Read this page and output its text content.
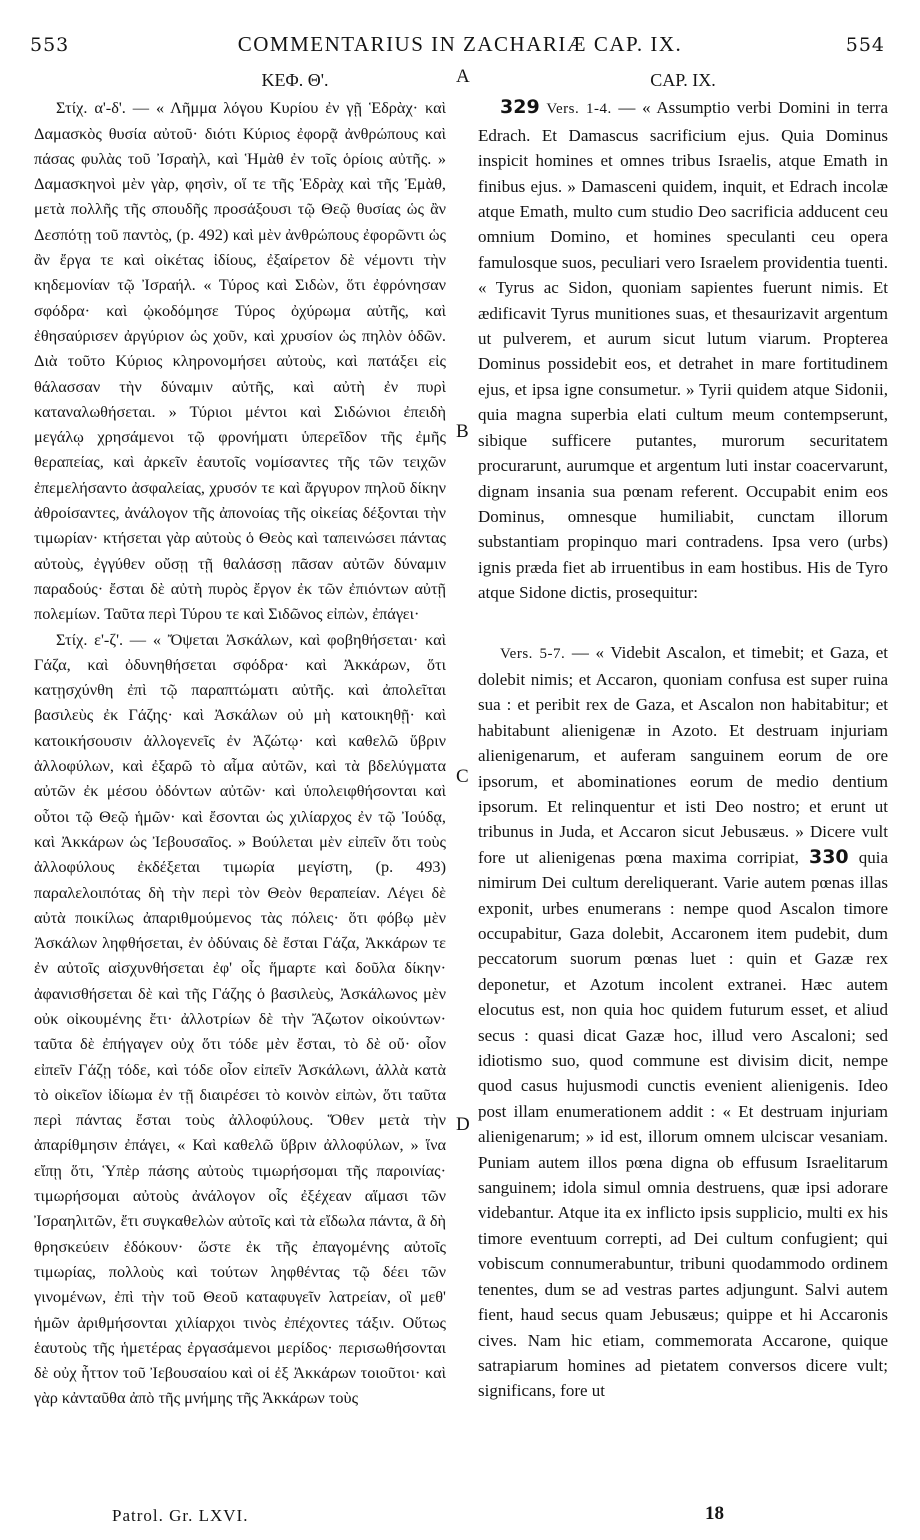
553	COMMENTARIUS IN ZACHARIÆ CAP. IX.	554

ΚΕΦ. Θ'.

Στίχ. α'-δ'. — « Λῆμμα λόγου Κυρίου ἐν γῇ Ἑδρὰχ· καὶ Δαμασκὸς θυσία αὐτοῦ· διότι Κύριος ἐφορᾷ ἀνθρώπους καὶ πάσας φυλὰς τοῦ Ἰσραὴλ, καὶ Ἡμὰθ ἐν τοῖς ὁρίοις αὐτῆς. » Δαμασκηνοὶ μὲν γὰρ, φησὶν, οἵ τε τῆς Ἑδρὰχ καὶ τῆς Ἐμὰθ, μετὰ πολλῆς τῆς σπουδῆς προσάξουσι τῷ Θεῷ θυσίας ὡς ἂν Δεσπότῃ τοῦ παντὸς, (p. 492) καὶ μὲν ἀνθρώπους ἐφορῶντι ὡς ἂν ἔργα τε καὶ οἰκέτας ἰδίους, ἐξαίρετον δὲ νέμοντι τὴν κηδεμονίαν τῷ Ἰσραήλ. « Τύρος καὶ Σιδὼν, ὅτι ἐφρόνησαν σφόδρα· καὶ ᾠκοδόμησε Τύρος ὀχύρωμα αὐτῆς, καὶ ἐθησαύρισεν ἀργύριον ὡς χοῦν, καὶ χρυσίον ὡς πηλὸν ὁδῶν. Διὰ τοῦτο Κύριος κληρονομήσει αὐτοὺς, καὶ πατάξει εἰς θάλασσαν τὴν δύναμιν αὐτῆς, καὶ αὐτὴ ἐν πυρὶ καταναλωθήσεται. » Τύριοι μέντοι καὶ Σιδώνιοι ἐπειδὴ μεγάλῳ χρησάμενοι τῷ φρονήματι ὑπερεῖδον τῆς ἐμῆς θεραπείας, καὶ ἀρκεῖν ἑαυτοῖς νομίσαντες τῆς τῶν τειχῶν ἐπεμελήσαντο ἀσφαλείας, χρυσόν τε καὶ ἄργυρον πηλοῦ δίκην ἀθροίσαντες, ἀνάλογον τῆς ἀπονοίας τῆς οἰκείας δέξονται τὴν τιμωρίαν· κτήσεται γὰρ αὐτοὺς ὁ Θεὸς καὶ ταπεινώσει πάντας αὐτοὺς, ἐγγύθεν οὔσῃ τῇ θαλάσσῃ πᾶσαν αὐτῶν δύναμιν παραδούς· ἔσται δὲ αὐτὴ πυρὸς ἔργον ἐκ τῶν ἐπιόντων αὐτῇ πολεμίων. Ταῦτα περὶ Τύρου τε καὶ Σιδῶνος εἰπὼν, ἐπάγει·

Στίχ. ε'-ζ'. — « Ὄψεται Ἀσκάλων, καὶ φοβηθήσεται· καὶ Γάζα, καὶ ὀδυνηθήσεται σφόδρα· καὶ Ἀκκάρων, ὅτι κατῃσχύνθη ἐπὶ τῷ παραπτώματι αὐτῆς. καὶ ἀπολεῖται βασιλεὺς ἐκ Γάζης· καὶ Ἀσκάλων οὐ μὴ κατοικηθῇ· καὶ κατοικήσουσιν ἀλλογενεῖς ἐν Ἀζώτῳ· καὶ καθελῶ ὕβριν ἀλλοφύλων, καὶ ἐξαρῶ τὸ αἷμα αὐτῶν, καὶ τὰ βδελύγματα αὐτῶν ἐκ μέσου ὀδόντων αὐτῶν· καὶ ὑπολειφθήσονται καὶ οὗτοι τῷ Θεῷ ἡμῶν· καὶ ἔσονται ὡς χιλίαρχος ἐν τῷ Ἰούδᾳ, καὶ Ἀκκάρων ὡς Ἰεβουσαῖος. » Βούλεται μὲν εἰπεῖν ὅτι τοὺς ἀλλοφύλους ἐκδέξεται τιμωρία μεγίστη, (p. 493) παραλελοιπότας δὴ τὴν περὶ τὸν Θεὸν θεραπείαν. Λέγει δὲ αὐτὰ ποικίλως ἀπαριθμούμενος τὰς πόλεις· ὅτι φόβῳ μὲν Ἀσκάλων ληφθήσεται, ἐν ὀδύναις δὲ ἔσται Γάζα, Ἀκκάρων τε ἐν αὐτοῖς αἰσχυνθήσεται ἐφ' οἷς ἥμαρτε καὶ δοῦλα δίκην· ἀφανισθήσεται δὲ καὶ τῆς Γάζης ὁ βασιλεὺς, Ἀσκάλωνος μὲν οὐκ οἰκουμένης ἔτι· ἀλλοτρίων δὲ τὴν Ἄζωτον οἰκούντων· ταῦτα δὲ ἐπήγαγεν οὐχ ὅτι τόδε μὲν ἔσται, τὸ δὲ οὔ· οἷον εἰπεῖν Γάζῃ τόδε, καὶ τόδε οἷον εἰπεῖν Ἀσκάλωνι, ἀλλὰ κατὰ τὸ οἰκεῖον ἰδίωμα ἐν τῇ διαιρέσει τὸ κοινὸν εἰπὼν, ὅτι ταῦτα περὶ πάντας ἔσται τοὺς ἀλλοφύλους. Ὅθεν μετὰ τὴν ἀπαρίθμησιν ἐπάγει, « Καὶ καθελῶ ὕβριν ἀλλοφύλων, » ἵνα εἴπῃ ὅτι, Ὑπὲρ πάσης αὐτοὺς τιμωρήσομαι τῆς παροινίας· τιμωρήσομαι αὐτοὺς ἀνάλογον οἷς ἐξέχεαν αἵμασι τῶν Ἰσραηλιτῶν, ἔτι συγκαθελὼν αὐτοῖς καὶ τὰ εἴδωλα πάντα, ἃ δὴ θρησκεύειν ἐδόκουν· ὥστε ἐκ τῆς ἐπαγομένης αὐτοῖς τιμωρίας, πολλοὺς καὶ τούτων ληφθέντας τῷ δέει τῶν γινομένων, ἐπὶ τὴν τοῦ Θεοῦ καταφυγεῖν λατρείαν, οἳ μεθ' ἡμῶν ἀριθμήσονται χιλίαρχοι τινὸς ἐπέχοντες τάξιν. Οὕτως ἑαυτοὺς τῆς ἡμετέρας ἐργασάμενοι μερίδος· περισωθήσονται δὲ οὐχ ἧττον τοῦ Ἰεβουσαίου καὶ οἱ ἐξ Ἀκκάρων τοιοῦτοι· καὶ γὰρ κἀνταῦθα ἀπὸ τῆς μνήμης τῆς Ἀκκάρων τοὺς

CAP. IX.

329 Vers. 1-4. — « Assumptio verbi Domini in terra Edrach. Et Damascus sacrificium ejus. Quia Dominus inspicit homines et omnes tribus Israelis, atque Emath in finibus ejus. » Damasceni quidem, inquit, et Edrach incolæ atque Emath, multo cum studio Deo sacrificia adducent ceu omnium Domino, et homines speculanti ceu opera famulosque suos, peculiari vero Israelem providentia tuenti. « Tyrus ac Sidon, quoniam sapientes fuerunt nimis. Et ædificavit Tyrus munitiones suas, et thesaurizavit argentum ut pulverem, et aurum sicut lutum viarum. Propterea Dominus possidebit eos, et detrahet in mare fortitudinem ejus, et ipsa igne consumetur. » Tyrii quidem atque Sidonii, quia magna superbia elati cultum meum contempserunt, sibique sufficere putantes, murorum securitatem procurarunt, aurumque et argentum luti instar coacervarunt, dignam insania sua pœnam referent. Occupabit enim eos Dominus, omnesque humiliabit, cunctam illorum substantiam propinquo mari contradens. Ipsa vero (urbs) ignis præda fiet ab irruentibus in eam hostibus. His de Tyro atque Sidone dictis, prosequitur:

Vers. 5-7. — « Videbit Ascalon, et timebit; et Gaza, et dolebit nimis; et Accaron, quoniam confusa est super ruina sua : et peribit rex de Gaza, et Ascalon non habitabitur; et habitabunt alienigenæ in Azoto. Et destruam injuriam alienigenarum, et auferam sanguinem eorum de ore ipsorum, et abominationes eorum de medio dentium ipsorum. Et relinquentur et isti Deo nostro; et erunt ut tribunus in Juda, et Accaron sicut Jebusæus. » Dicere vult fore ut alienigenas pœna maxima corripiat, 330 quia nimirum Dei cultum dereliquerant. Varie autem pœnas illas exponit, urbes enumerans : nempe quod Ascalon timore occupabitur, Gaza dolebit, Accaronem item pudebit, dum peccatorum suorum pœnas luet : quin et Gazæ rex deponetur, et Azotum incolent extranei. Hæc autem elocutus est, non quia hoc quidem futurum esset, et aliud secus : quasi dicat Gazæ hoc, illud vero Ascaloni; sed idiotismo suo, quod commune est divisim dicit, nempe quod casus hujusmodi cunctis evenient alienigenis. Ideo post illam enumerationem addit : « Et destruam injuriam alienigenarum; » id est, illorum omnem ulciscar vesaniam. Puniam autem illos pœna digna ob effusum Israelitarum sanguinem; idola simul omnia destruens, quæ ipsi adorare videbantur. Atque ita ex inflicto ipsis supplicio, multi ex his timore eventuum correpti, ad Dei cultum confugient; qui vobiscum connumerabuntur, tribuni quodammodo ordinem tenentes, dum se ad vestras partes adjungunt. Salvi autem fient, haud secus quam Jebusæus; quippe et hi Accaronis cives. Nam hic etiam, commemorata Accarone, quique satrapiarum homines ad pietatem conversos dicere vult; significans, fore ut

A
B
C
D
Patrol. Gr. LXVI.	18
